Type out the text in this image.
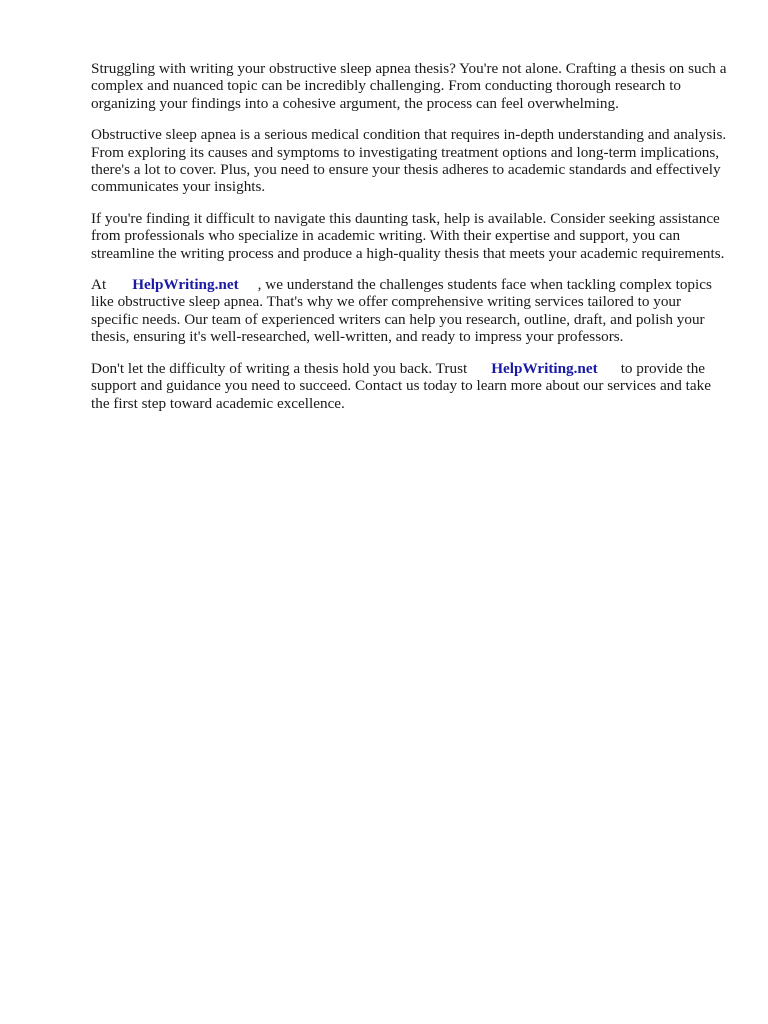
Struggling with writing your obstructive sleep apnea thesis? You're not alone. Crafting a thesis on such a complex and nuanced topic can be incredibly challenging. From conducting thorough research to organizing your findings into a cohesive argument, the process can feel overwhelming.

Obstructive sleep apnea is a serious medical condition that requires in-depth understanding and analysis. From exploring its causes and symptoms to investigating treatment options and long-term implications, there's a lot to cover. Plus, you need to ensure your thesis adheres to academic standards and effectively communicates your insights.

If you're finding it difficult to navigate this daunting task, help is available. Consider seeking assistance from professionals who specialize in academic writing. With their expertise and support, you can streamline the writing process and produce a high-quality thesis that meets your academic requirements.

At HelpWriting.net , we understand the challenges students face when tackling complex topics like obstructive sleep apnea. That's why we offer comprehensive writing services tailored to your specific needs. Our team of experienced writers can help you research, outline, draft, and polish your thesis, ensuring it's well-researched, well-written, and ready to impress your professors.

Don't let the difficulty of writing a thesis hold you back. Trust HelpWriting.net to provide the support and guidance you need to succeed. Contact us today to learn more about our services and take the first step toward academic excellence.
